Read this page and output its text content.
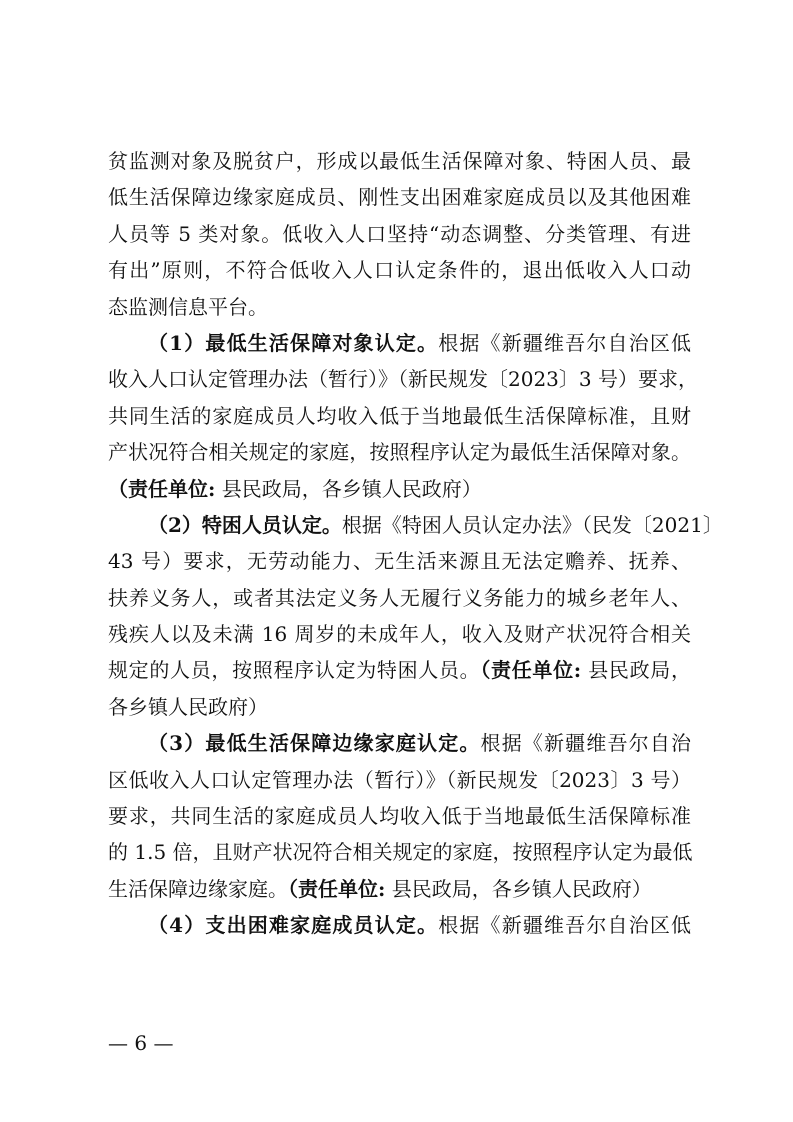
贫监测对象及脱贫户，形成以最低生活保障对象、特困人员、最
低生活保障边缘家庭成员、刚性支出困难家庭成员以及其他困难
人员等 5 类对象。低收入人口坚持“动态调整、分类管理、有进
有出”原则，不符合低收入人口认定条件的，退出低收入人口动
态监测信息平台。
（1）最低生活保障对象认定。根据《新疆维吾尔自治区低
收入人口认定管理办法（暂行）》（新民规发〔2023〕3 号）要求，
共同生活的家庭成员人均收入低于当地最低生活保障标准，且财
产状况符合相关规定的家庭，按照程序认定为最低生活保障对象。
（责任单位: 县民政局，各乡镇人民政府）
（2）特困人员认定。根据《特困人员认定办法》（民发〔2021〕
43 号）要求，无劳动能力、无生活来源且无法定赡养、抚养、
扶养义务人，或者其法定义务人无履行义务能力的城乡老年人、
残疾人以及未满 16 周岁的未成年人，收入及财产状况符合相关
规定的人员，按照程序认定为特困人员。（责任单位: 县民政局，
各乡镇人民政府）
（3）最低生活保障边缘家庭认定。根据《新疆维吾尔自治
区低收入人口认定管理办法（暂行）》（新民规发〔2023〕3 号）
要求，共同生活的家庭成员人均收入低于当地最低生活保障标准
的 1.5 倍，且财产状况符合相关规定的家庭，按照程序认定为最低
生活保障边缘家庭。（责任单位: 县民政局，各乡镇人民政府）
（4）支出困难家庭成员认定。根据《新疆维吾尔自治区低
— 6 —
